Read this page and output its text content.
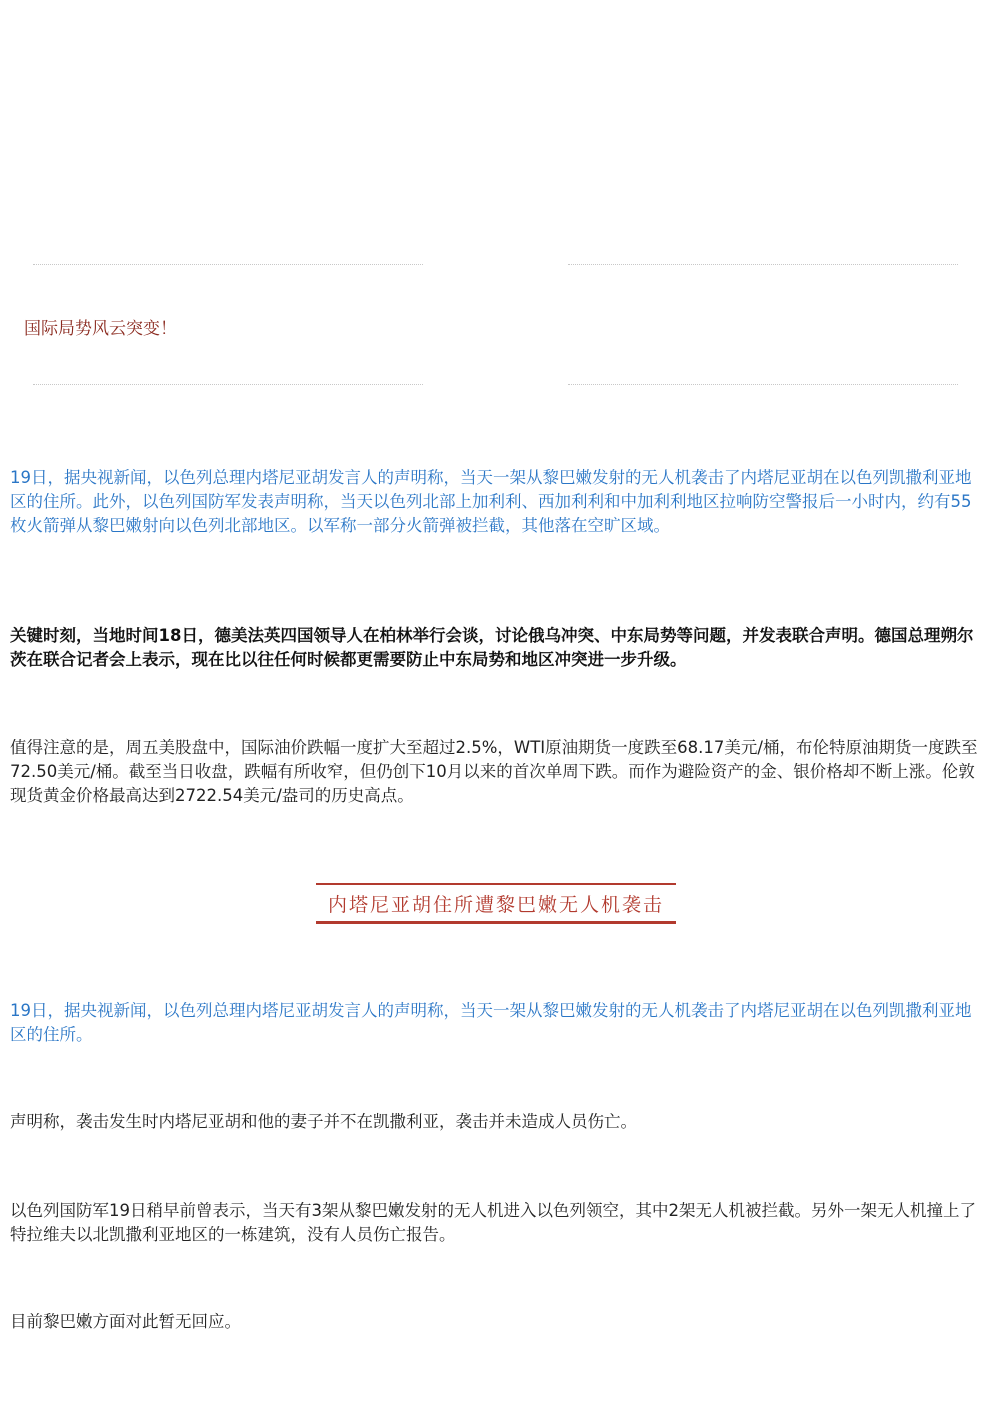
国际局势风云突变！

19日，据央视新闻，以色列总理内塔尼亚胡发言人的声明称，当天一架从黎巴嫩发射的无人机袭击了内塔尼亚胡在以色列凯撒利亚地区的住所。此外，以色列国防军发表声明称，当天以色列北部上加利利、西加利利和中加利利地区拉响防空警报后一小时内，约有55枚火箭弹从黎巴嫩射向以色列北部地区。以军称一部分火箭弹被拦截，其他落在空旷区域。

关键时刻，当地时间18日，德美法英四国领导人在柏林举行会谈，讨论俄乌冲突、中东局势等问题，并发表联合声明。德国总理朔尔茨在联合记者会上表示，现在比以往任何时候都更需要防止中东局势和地区冲突进一步升级。

值得注意的是，周五美股盘中，国际油价跌幅一度扩大至超过2.5%，WTI原油期货一度跌至68.17美元/桶，布伦特原油期货一度跌至72.50美元/桶。截至当日收盘，跌幅有所收窄，但仍创下10月以来的首次单周下跌。而作为避险资产的金、银价格却不断上涨。伦敦现货黄金价格最高达到2722.54美元/盎司的历史高点。

内塔尼亚胡住所遭黎巴嫩无人机袭击

19日，据央视新闻，以色列总理内塔尼亚胡发言人的声明称，当天一架从黎巴嫩发射的无人机袭击了内塔尼亚胡在以色列凯撒利亚地区的住所。

声明称，袭击发生时内塔尼亚胡和他的妻子并不在凯撒利亚，袭击并未造成人员伤亡。

以色列国防军19日稍早前曾表示，当天有3架从黎巴嫩发射的无人机进入以色列领空，其中2架无人机被拦截。另外一架无人机撞上了特拉维夫以北凯撒利亚地区的一栋建筑，没有人员伤亡报告。

目前黎巴嫩方面对此暂无回应。
